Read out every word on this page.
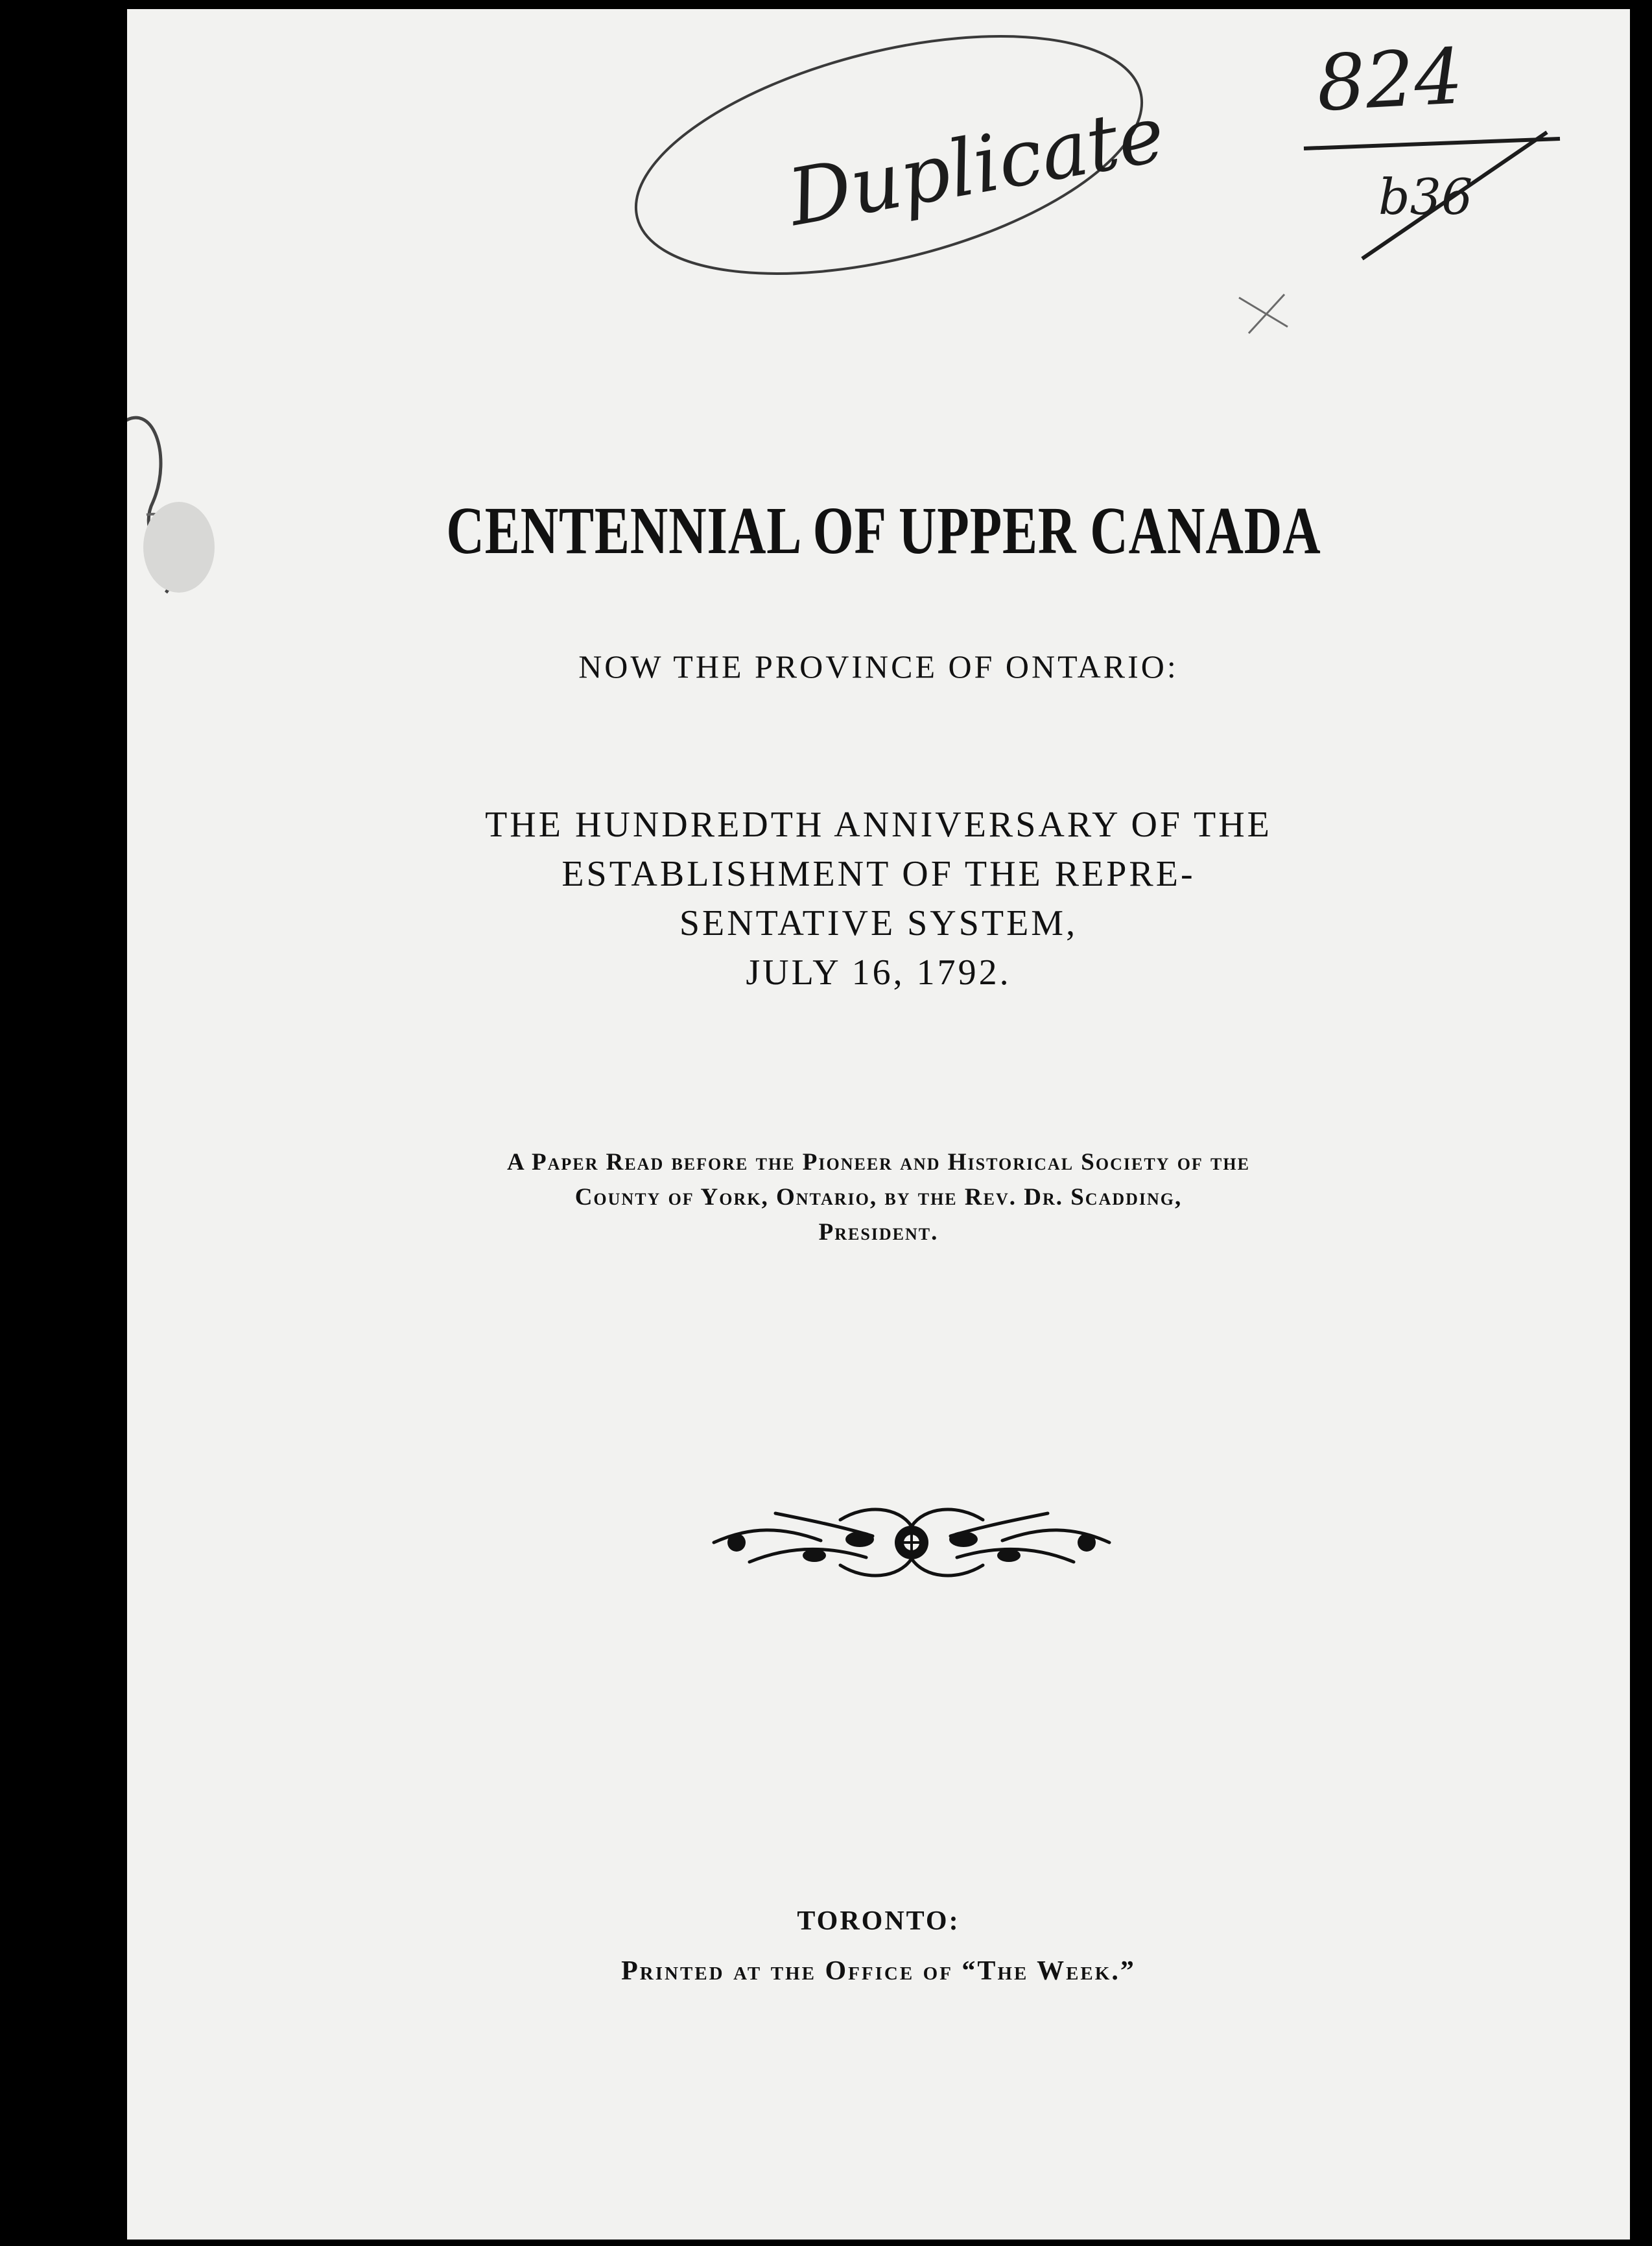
Duplicate
824
b36
CENTENNIAL OF UPPER CANADA
NOW THE PROVINCE OF ONTARIO:
THE HUNDREDTH ANNIVERSARY OF THE
ESTABLISHMENT OF THE REPRE-
SENTATIVE SYSTEM,
JULY 16, 1792.
A Paper Read before the Pioneer and Historical Society of the
County of York, Ontario, by the Rev. Dr. Scadding,
President.
TORONTO:
Printed at the Office of “The Week.”
